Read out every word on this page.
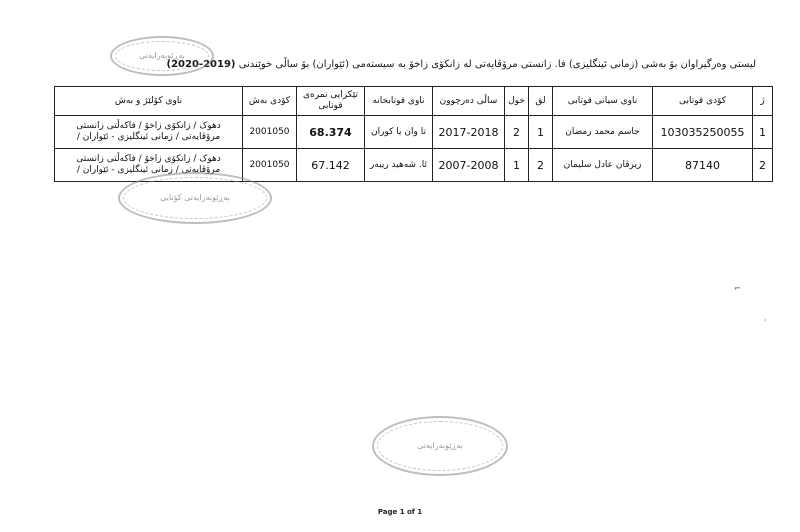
لیستی وەرگیراوان بۆ بەشی (زمانی ئینگلیزی) فا. زانستی مرۆڤایەتی لە زانکۆی زاخۆ بە سیستەمی (ئێواران) بۆ ساڵی خوێندنی (2019-2020)
ژ	کۆدی قوتابی	ناوی سیانی قوتابی	لق	خول	ساڵی دەرچوون	ناوی قوتابخانە	تێکرایی نمرەی قوتابی	کۆدی بەش	ناوی کۆلێژ و بەش
1	103035250055	جاسم محمد رمضان	1	2	2017-2018	تا وان یا کوران	68.374	2001050	دهوک / زانکۆی زاخۆ / فاکەڵتی زانستی مرۆڤایەتی / زمانی ئینگلیزی - ئێواران /
2	87140	زیرڤان عادل سلیمان	2	1	2007-2008	ئا. شەهید ریبەر	67.142	2001050	دهوک / زانکۆی زاخۆ / فاکەڵتی زانستی مرۆڤایەتی / زمانی ئینگلیزی - ئێواران /
بەڕێوبەرایەتی
بەڕێوبەرایەتی کۆتایی
بەڕێوبەرایەتی
⌐
·
Page 1 of 1
